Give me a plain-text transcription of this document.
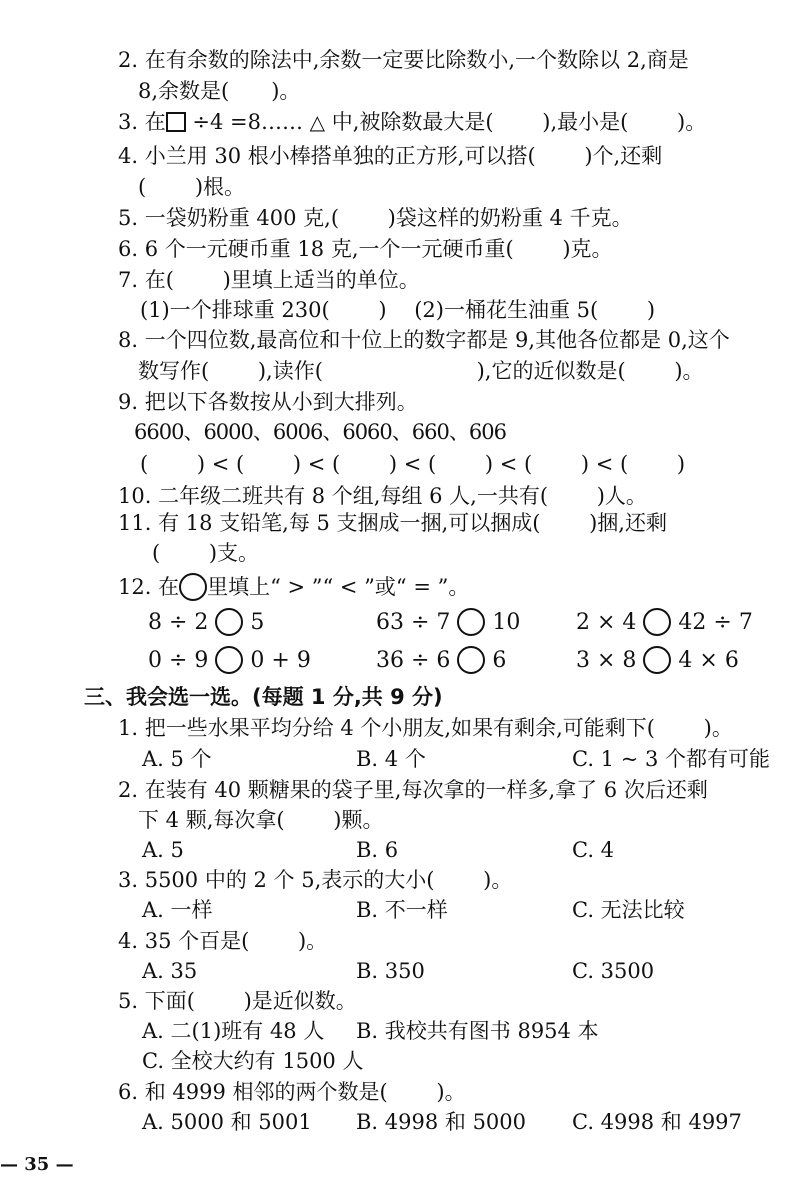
2. 在有余数的除法中,余数一定要比除数小,一个数除以 2,商是
8,余数是(　　)。
3. 在 ÷4 =8…… △ 中,被除数最大是(　　 ),最小是(　　 )。
4. 小兰用 30 根小棒搭单独的正方形,可以搭(　　 )个,还剩
(　　 )根。
5. 一袋奶粉重 400 克,(　　 )袋这样的奶粉重 4 千克。
6. 6 个一元硬币重 18 克,一个一元硬币重(　　 )克。
7. 在(　　 )里填上适当的单位。
(1)一个排球重 230(　　 )　 (2)一桶花生油重 5(　　 )
8. 一个四位数,最高位和十位上的数字都是 9,其他各位都是 0,这个
数写作(　　 ),读作(　　　　　　　 ),它的近似数是(　　 )。
9. 把以下各数按从小到大排列。
6600、6000、6006、6060、660、606
(　　 ) < (　　 ) < (　　 ) < (　　 ) < (　　 ) < (　　 )
10. 二年级二班共有 8 个组,每组 6 人,一共有(　　 )人。
11. 有 18 支铅笔,每 5 支捆成一捆,可以捆成(　　 )捆,还剩
(　　 )支。
12. 在 里填上“ > ”“ < ”或“ = ”。
8 ÷ 2  5	63 ÷ 7  10	2 × 4  42 ÷ 7
0 ÷ 9  0 + 9	36 ÷ 6  6	3 × 8  4 × 6
三、我会选一选。(每题 1 分,共 9 分)
1. 把一些水果平均分给 4 个小朋友,如果有剩余,可能剩下(　　 )。
A. 5 个	B. 4 个	C. 1 ~ 3 个都有可能
2. 在装有 40 颗糖果的袋子里,每次拿的一样多,拿了 6 次后还剩
下 4 颗,每次拿(　　 )颗。
A. 5	B. 6	C. 4
3. 5500 中的 2 个 5,表示的大小(　　 )。
A. 一样	B. 不一样	C. 无法比较
4. 35 个百是(　　 )。
A. 35	B. 350	C. 3500
5. 下面(　　 )是近似数。
A. 二(1)班有 48 人 B. 我校共有图书 8954 本
C. 全校大约有 1500 人
6. 和 4999 相邻的两个数是(　　 )。
A. 5000 和 5001 B. 4998 和 5000 C. 4998 和 4997
— 35 —
